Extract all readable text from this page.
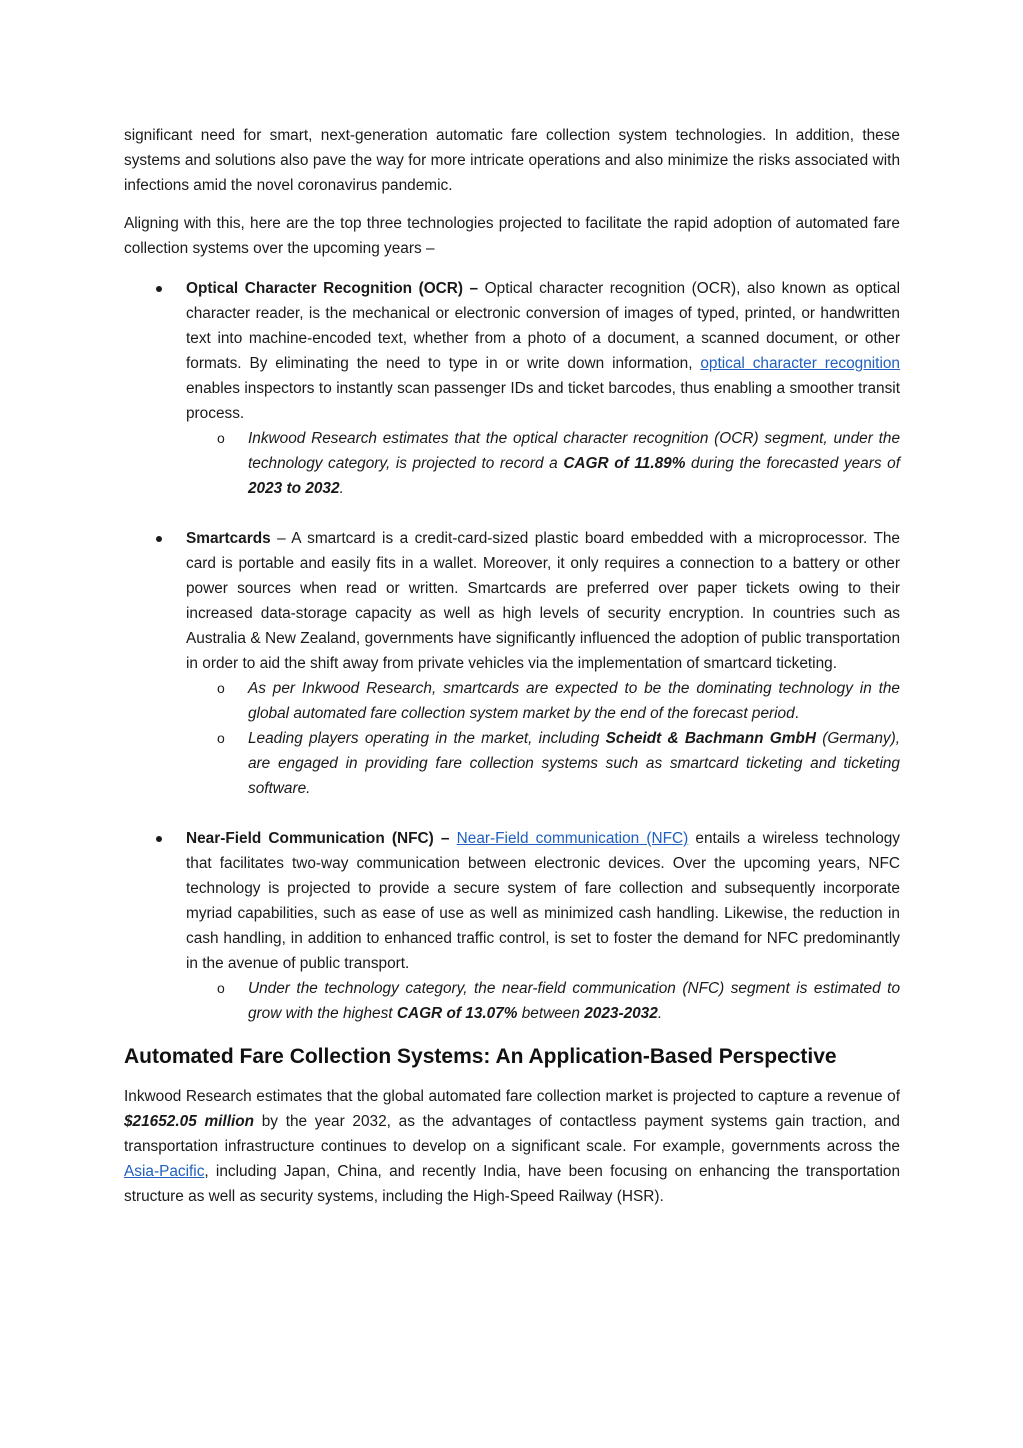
significant need for smart, next-generation automatic fare collection system technologies. In addition, these systems and solutions also pave the way for more intricate operations and also minimize the risks associated with infections amid the novel coronavirus pandemic.

Aligning with this, here are the top three technologies projected to facilitate the rapid adoption of automated fare collection systems over the upcoming years –

Optical Character Recognition (OCR) – Optical character recognition (OCR), also known as optical character reader, is the mechanical or electronic conversion of images of typed, printed, or handwritten text into machine-encoded text, whether from a photo of a document, a scanned document, or other formats. By eliminating the need to type in or write down information, optical character recognition enables inspectors to instantly scan passenger IDs and ticket barcodes, thus enabling a smoother transit process.

o Inkwood Research estimates that the optical character recognition (OCR) segment, under the technology category, is projected to record a CAGR of 11.89% during the forecasted years of 2023 to 2032.

Smartcards – A smartcard is a credit-card-sized plastic board embedded with a microprocessor. The card is portable and easily fits in a wallet. Moreover, it only requires a connection to a battery or other power sources when read or written. Smartcards are preferred over paper tickets owing to their increased data-storage capacity as well as high levels of security encryption. In countries such as Australia & New Zealand, governments have significantly influenced the adoption of public transportation in order to aid the shift away from private vehicles via the implementation of smartcard ticketing.

o As per Inkwood Research, smartcards are expected to be the dominating technology in the global automated fare collection system market by the end of the forecast period.

o Leading players operating in the market, including Scheidt & Bachmann GmbH (Germany), are engaged in providing fare collection systems such as smartcard ticketing and ticketing software.

Near-Field Communication (NFC) – Near-Field communication (NFC) entails a wireless technology that facilitates two-way communication between electronic devices. Over the upcoming years, NFC technology is projected to provide a secure system of fare collection and subsequently incorporate myriad capabilities, such as ease of use as well as minimized cash handling. Likewise, the reduction in cash handling, in addition to enhanced traffic control, is set to foster the demand for NFC predominantly in the avenue of public transport.

o Under the technology category, the near-field communication (NFC) segment is estimated to grow with the highest CAGR of 13.07% between 2023-2032.

Automated Fare Collection Systems: An Application-Based Perspective

Inkwood Research estimates that the global automated fare collection market is projected to capture a revenue of $21652.05 million by the year 2032, as the advantages of contactless payment systems gain traction, and transportation infrastructure continues to develop on a significant scale. For example, governments across the Asia-Pacific, including Japan, China, and recently India, have been focusing on enhancing the transportation structure as well as security systems, including the High-Speed Railway (HSR).
